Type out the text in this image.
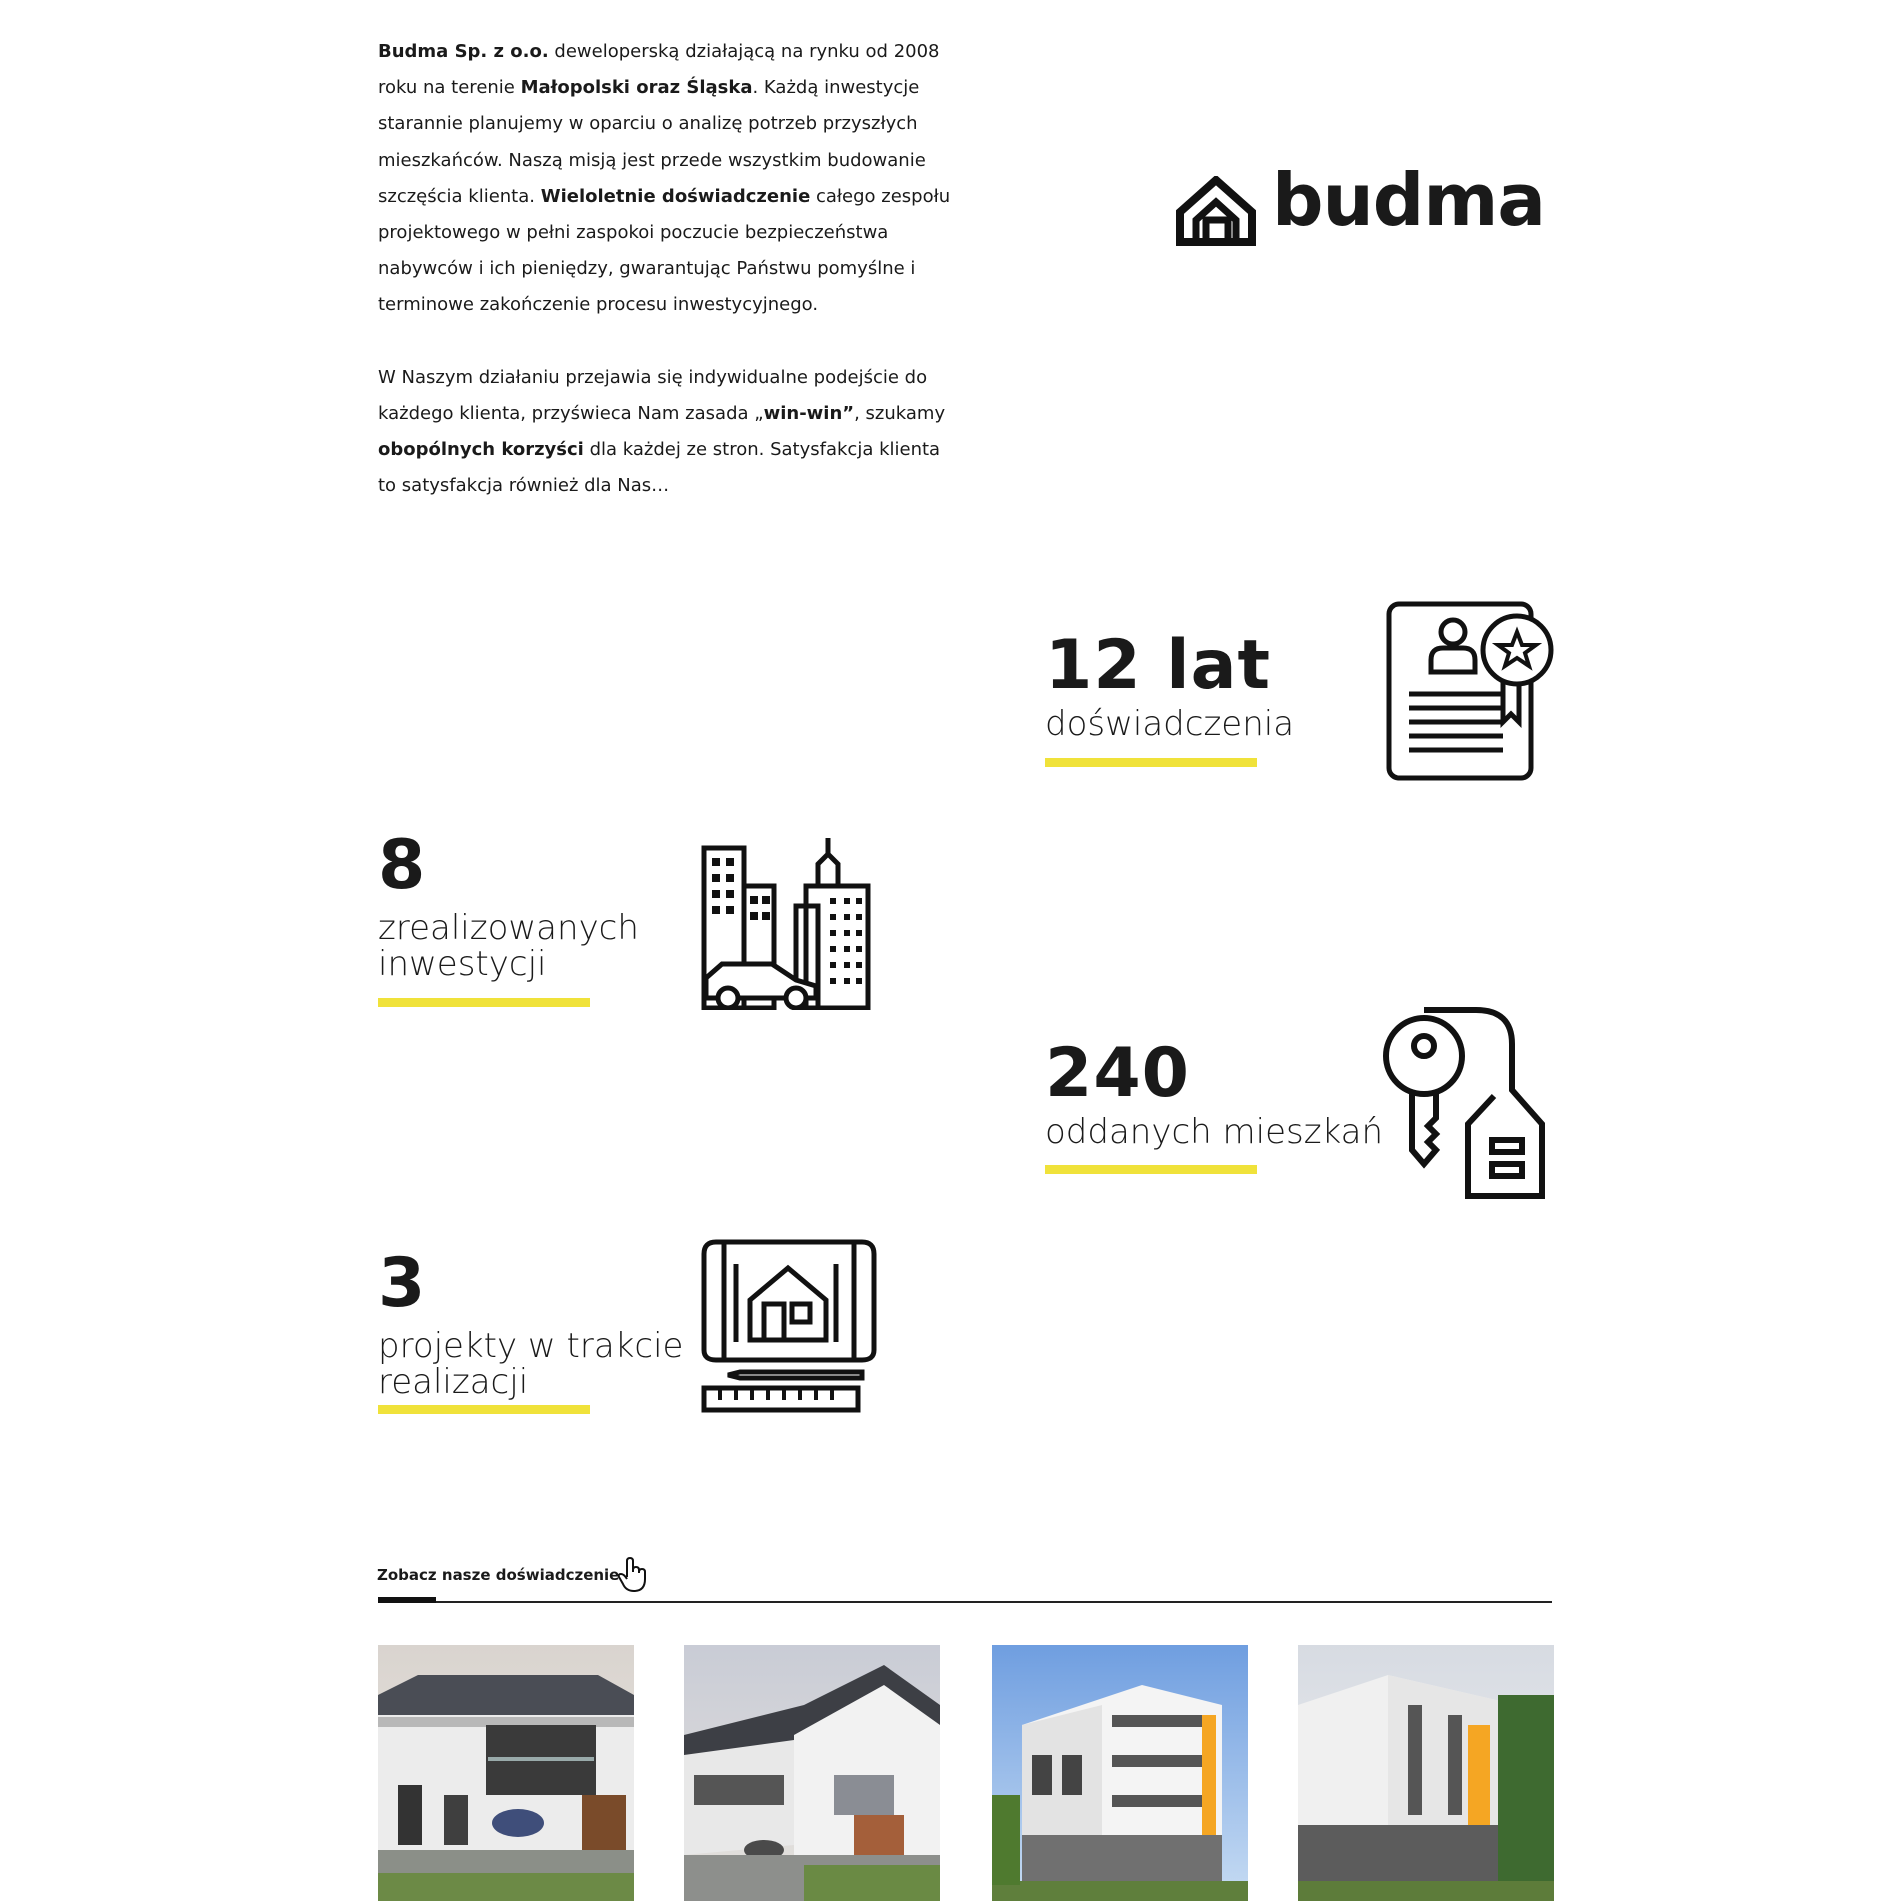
Budma Sp. z o.o. deweloperską działającą na rynku od 2008 roku na terenie Małopolski oraz Śląska. Każdą inwestycje starannie planujemy w oparciu o analizę potrzeb przyszłych mieszkańców. Naszą misją jest przede wszystkim budowanie szczęścia klienta. Wieloletnie doświadczenie całego zespołu projektowego w pełni zaspokoi poczucie bezpieczeństwa nabywców i ich pieniędzy, gwarantując Państwu pomyślne i terminowe zakończenie procesu inwestycyjnego.

W Naszym działaniu przejawia się indywidualne podejście do każdego klienta, przyświeca Nam zasada „win-win”, szukamy obopólnych korzyści dla każdej ze stron. Satysfakcja klienta to satysfakcja również dla Nas…

budma
12 lat
doświadczenia
8
zrealizowanych
inwestycji
240
oddanych mieszkań
3
projekty w trakcie
realizacji
Zobacz nasze doświadczenie
